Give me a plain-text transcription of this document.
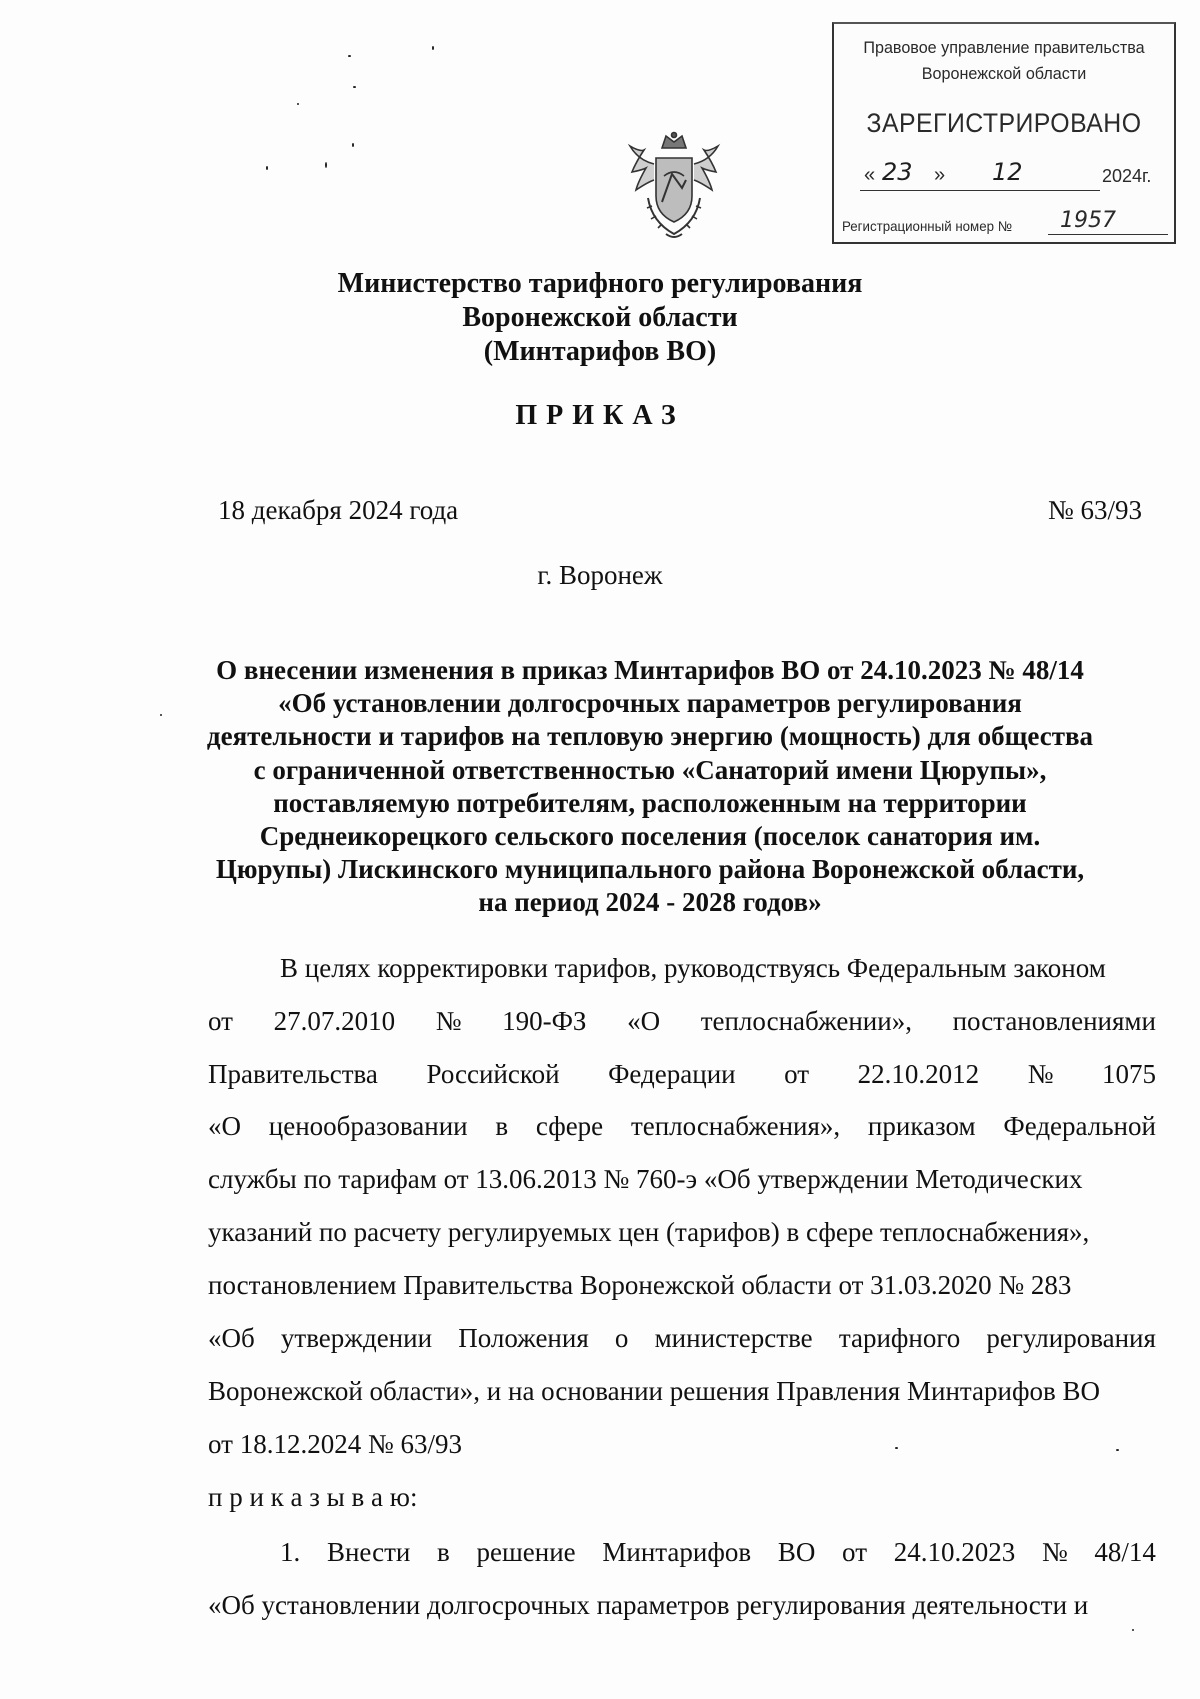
Правовое управление правительства
Воронежской области
ЗАРЕГИСТРИРОВАНО
« 23 » 12	2024г.
Регистрационный номер № 1957
Министерство тарифного регулирования
Воронежской области
(Минтарифов ВО)
ПРИКАЗ
18 декабря 2024 года	№ 63/93
г. Воронеж
О внесении изменения в приказ Минтарифов ВО от 24.10.2023 № 48/14
«Об установлении долгосрочных параметров регулирования
деятельности и тарифов на тепловую энергию (мощность) для общества
с ограниченной ответственностью «Санаторий имени Цюрупы»,
поставляемую потребителям, расположенным на территории
Среднеикорецкого сельского поселения (поселок санатория им.
Цюрупы) Лискинского муниципального района Воронежской области,
на период 2024 - 2028 годов»
В целях корректировки тарифов, руководствуясь Федеральным законом
от 27.07.2010 № 190-ФЗ «О теплоснабжении», постановлениями
Правительства Российской Федерации от 22.10.2012 № 1075
«О ценообразовании в сфере теплоснабжения», приказом Федеральной
службы по тарифам от 13.06.2013 № 760-э «Об утверждении Методических
указаний по расчету регулируемых цен (тарифов) в сфере теплоснабжения»,
постановлением Правительства Воронежской области от 31.03.2020 № 283
«Об утверждении Положения о министерстве тарифного регулирования
Воронежской области», и на основании решения Правления Минтарифов ВО
от 18.12.2024 № 63/93
п р и к а з ы в а ю:
1. Внести в решение Минтарифов ВО от 24.10.2023 № 48/14
«Об установлении долгосрочных параметров регулирования деятельности и
